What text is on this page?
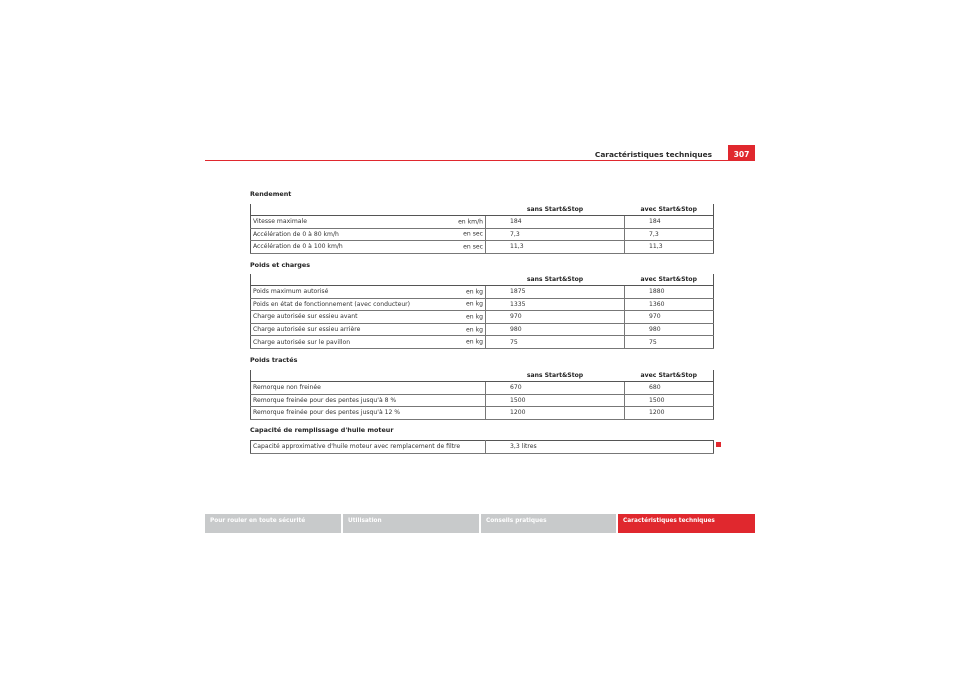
Caractéristiques techniques	307
Rendement
	sans Start&Stop	avec Start&Stop
Vitesse maximale en km/h	184	184
Accélération de 0 à 80 km/h en sec	7,3	7,3
Accélération de 0 à 100 km/h en sec	11,3	11,3
Poids et charges
	sans Start&Stop	avec Start&Stop
Poids maximum autorisé en kg	1875	1880
Poids en état de fonctionnement (avec conducteur) en kg	1335	1360
Charge autorisée sur essieu avant en kg	970	970
Charge autorisée sur essieu arrière en kg	980	980
Charge autorisée sur le pavillon en kg	75	75
Poids tractés
	sans Start&Stop	avec Start&Stop
Remorque non freinée	670	680
Remorque freinée pour des pentes jusqu'à 8 %	1500	1500
Remorque freinée pour des pentes jusqu'à 12 %	1200	1200
Capacité de remplissage d'huile moteur
Capacité approximative d'huile moteur avec remplacement de filtre	3,3 litres
Pour rouler en toute sécurité	Utilisation	Conseils pratiques	Caractéristiques techniques
